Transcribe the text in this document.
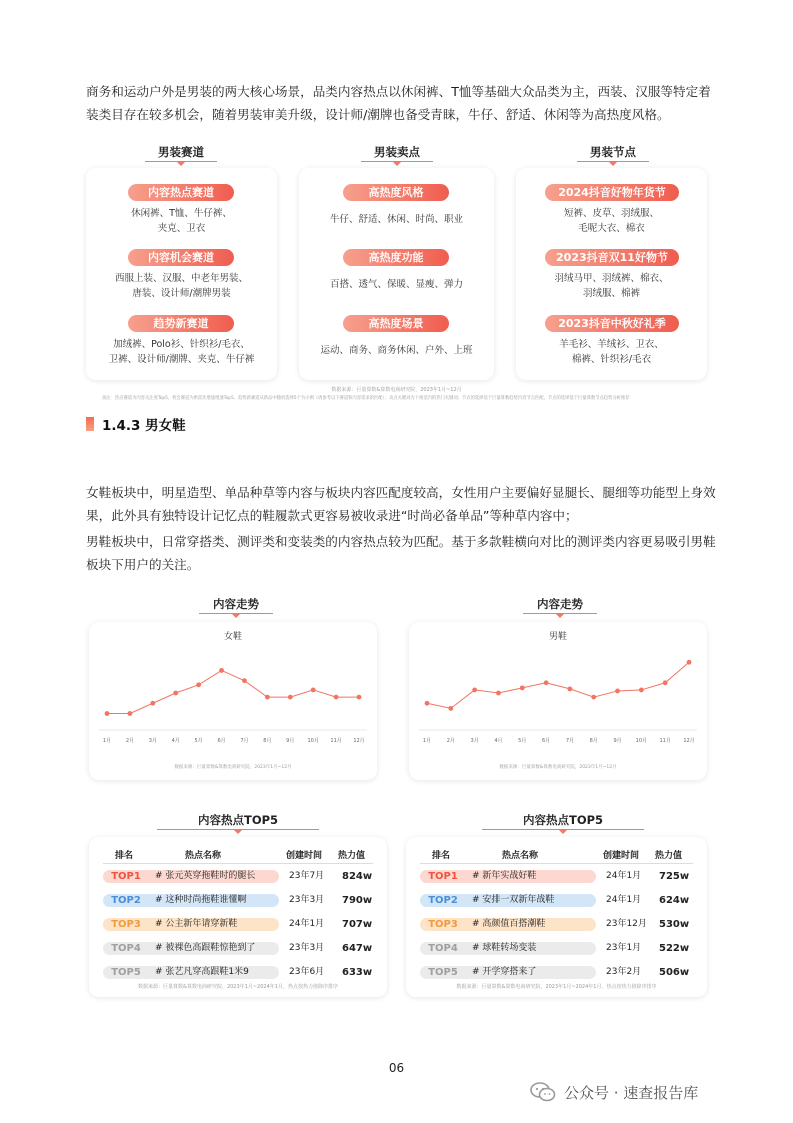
商务和运动户外是男装的两大核心场景，品类内容热点以休闲裤、T恤等基础大众品类为主，西装、汉服等特定着装类目存在较多机会，随着男装审美升级，设计师/潮牌也备受青睐，牛仔、舒适、休闲等为高热度风格。
男装赛道	男装卖点	男装节点
内容热点赛道
休闲裤、T恤、牛仔裤、
夹克、卫衣
内容机会赛道
西服上装、汉服、中老年男装、
唐装、设计师/潮牌男装
趋势新赛道
加绒裤、Polo衫、针织衫/毛衣、
卫裤、设计师/潮牌、夹克、牛仔裤
高热度风格
牛仔、舒适、休闲、时尚、职业
高热度功能
百搭、透气、保暖、显瘦、弹力
高热度场景
运动、商务、商务休闲、户外、上班
2024抖音好物年货节
短裤、皮草、羽绒服、
毛呢大衣、棉衣
2023抖音双11好物节
羽绒马甲、羽绒裤、棉衣、
羽绒服、棉裤
2023抖音中秋好礼季
羊毛衫、羊绒衫、卫衣、
棉裤、针织衫/毛衣
数据来源：巨量算数&算数电商研究院，2023年1月~12月
备注：热点赛道为内容关注度Top5，机会赛道为供需比增速增速Top5，趋势新赛道从新品中随机选择5个为示例（请参考以下赛道和内容需求的匹配）；卖点关键词为下视觉内的热门关键词；节点的选择基于巨量算数趋势内容节点匹配，节点的选择基于巨量算数节点趋势分析推荐
1.4.3 男女鞋
女鞋板块中，明星造型、单品种草等内容与板块内容匹配度较高，女性用户主要偏好显腿长、腿细等功能型上身效果，此外具有独特设计记忆点的鞋履款式更容易被收录进“时尚必备单品”等种草内容中；
男鞋板块中，日常穿搭类、测评类和变装类的内容热点较为匹配。基于多款鞋横向对比的测评类内容更易吸引男鞋板块下用户的关注。
内容走势	内容走势
女鞋
1月	2月	3月	4月	5月	6月	7月	8月	9月	10月 11月 12月
数据来源：巨量算数&算数电商研究院，2023年1月~12月
男鞋
1月	2月	3月	4月	5月	6月	7月	8月	9月	10月 11月 12月
数据来源：巨量算数&算数电商研究院，2023年1月~12月
内容热点TOP5	内容热点TOP5
排名	热点名称	创建时间 热力值
TOP1	# 张元英穿拖鞋时的腿长	23年7月 824w
TOP2	# 这种时尚拖鞋谁懂啊	23年3月 790w
TOP3	# 公主新年请穿新鞋	24年1月 707w
TOP4	# 被裸色高跟鞋惊艳到了	23年3月 647w
TOP5	# 张艺凡穿高跟鞋1米9	23年6月 633w
数据来源：巨量算数&算数电商研究院，2023年1月~2024年1月，热点按热力值降序排序
排名	热点名称	创建时间 热力值
TOP1	# 新年实战好鞋	24年1月 725w
TOP2	# 安排一双新年战鞋	24年1月 624w
TOP3	# 高颜值百搭潮鞋	23年12月 530w
TOP4	# 球鞋转场变装	23年1月 522w
TOP5	# 开学穿搭来了	23年2月 506w
数据来源：巨量算数&算数电商研究院，2023年1月~2024年1月，热点按热力值降序排序
06
公众号 · 速查报告库
